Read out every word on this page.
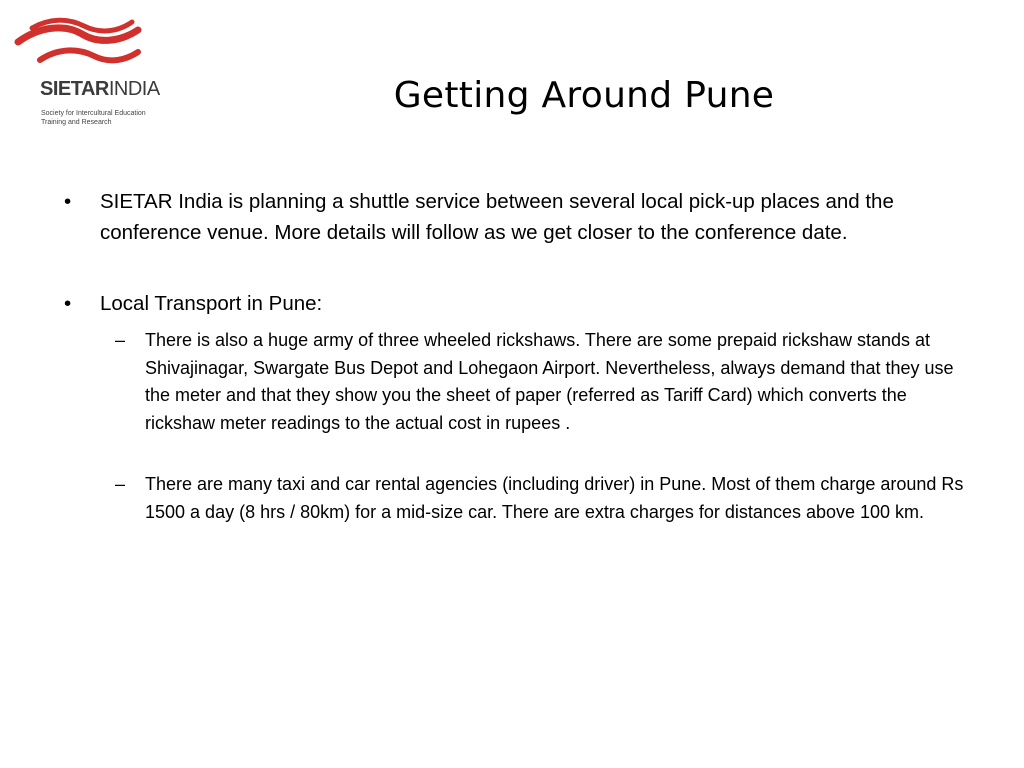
SIETARINDIA
Society for Intercultural Education
Training and Research
Getting Around Pune
• SIETAR India is planning a shuttle service between several local pick-up places and the conference venue. More details will follow as we get closer to the conference date.
• Local Transport in Pune:
– There is also a huge army of three wheeled rickshaws. There are some prepaid rickshaw stands at Shivajinagar, Swargate Bus Depot and Lohegaon Airport. Nevertheless, always demand that they use the meter and that they show you the sheet of paper (referred as Tariff Card) which converts the rickshaw meter readings to the actual cost in rupees .
– There are many taxi and car rental agencies (including driver) in Pune. Most of them charge around Rs 1500 a day (8 hrs / 80km) for a mid-size car. There are extra charges for distances above 100 km.
